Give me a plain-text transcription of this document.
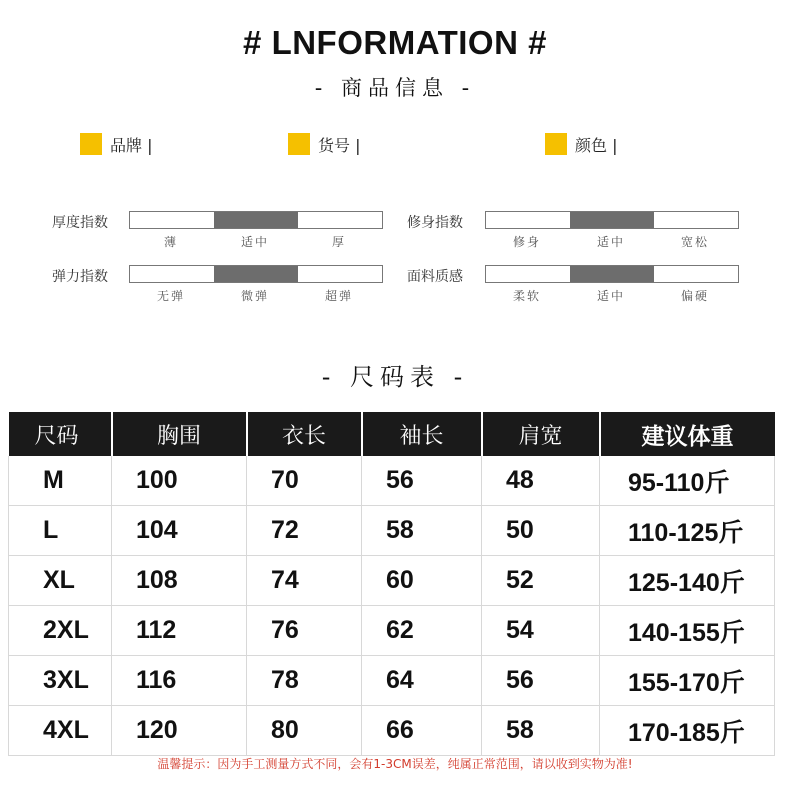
# LNFORMATION #
- 商品信息 -
品牌 |	货号 |	颜色 |
厚度指数
薄	适中	厚
修身指数
修身	适中	宽松
弹力指数
无弹	微弹	超弹
面料质感
柔软	适中	偏硬
- 尺码表 -
尺码	胸围	衣长	袖长	肩宽	建议体重
M	100	70	56	48	95-110斤
L	104	72	58	50	110-125斤
XL	108	74	60	52	125-140斤
2XL	112	76	62	54	140-155斤
3XL	116	78	64	56	155-170斤
4XL	120	80	66	58	170-185斤
温馨提示：因为手工测量方式不同，会有1-3CM误差，纯属正常范围，请以收到实物为准!
